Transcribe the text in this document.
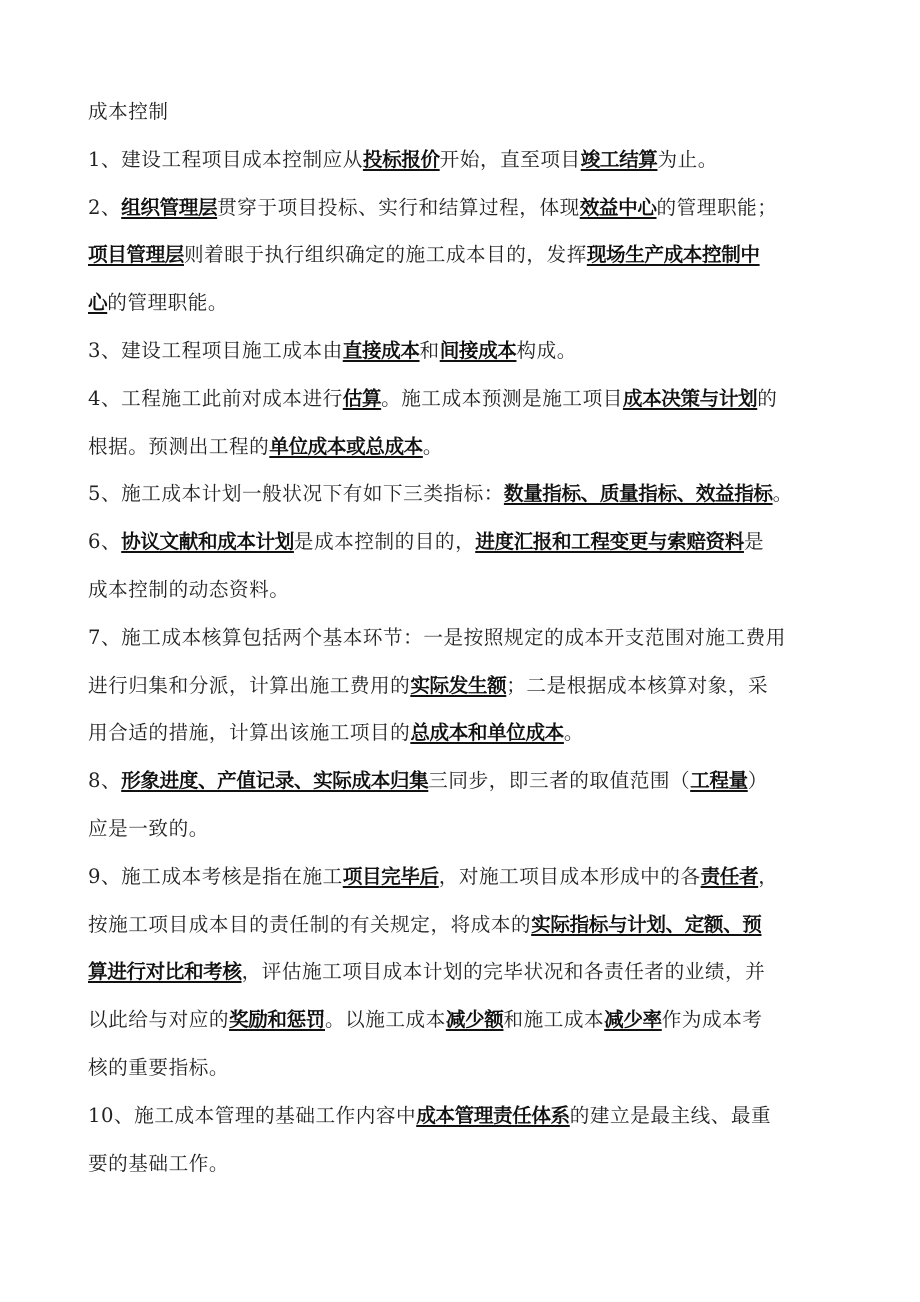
成本控制
1、建设工程项目成本控制应从投标报价开始，直至项目竣工结算为止。
2、组织管理层贯穿于项目投标、实行和结算过程，体现效益中心的管理职能；
项目管理层则着眼于执行组织确定的施工成本目的，发挥现场生产成本控制中
心的管理职能。
3、建设工程项目施工成本由直接成本和间接成本构成。
4、工程施工此前对成本进行估算。施工成本预测是施工项目成本决策与计划的
根据。预测出工程的单位成本或总成本。
5、施工成本计划一般状况下有如下三类指标：数量指标、质量指标、效益指标。
6、协议文献和成本计划是成本控制的目的，进度汇报和工程变更与索赔资料是
成本控制的动态资料。
7、施工成本核算包括两个基本环节：一是按照规定的成本开支范围对施工费用
进行归集和分派，计算出施工费用的实际发生额；二是根据成本核算对象，采
用合适的措施，计算出该施工项目的总成本和单位成本。
8、形象进度、产值记录、实际成本归集三同步，即三者的取值范围（工程量）
应是一致的。
9、施工成本考核是指在施工项目完毕后，对施工项目成本形成中的各责任者，
按施工项目成本目的责任制的有关规定，将成本的实际指标与计划、定额、预
算进行对比和考核，评估施工项目成本计划的完毕状况和各责任者的业绩，并
以此给与对应的奖励和惩罚。以施工成本减少额和施工成本减少率作为成本考
核的重要指标。
10、施工成本管理的基础工作内容中成本管理责任体系的建立是最主线、最重
要的基础工作。
